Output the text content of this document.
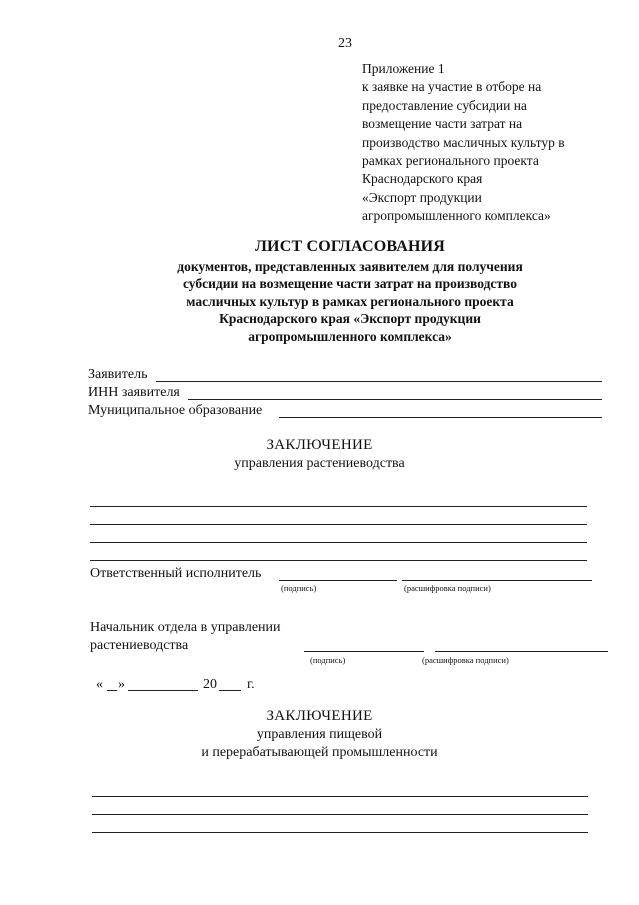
23
Приложение 1
к заявке на участие в отборе на
предоставление субсидии на
возмещение части затрат на
производство масличных культур в
рамках регионального проекта
Краснодарского края
«Экспорт продукции
агропромышленного комплекса»
ЛИСТ СОГЛАСОВАНИЯ
документов, представленных заявителем для получения
субсидии на возмещение части затрат на производство
масличных культур в рамках регионального проекта
Краснодарского края «Экспорт продукции
агропромышленного комплекса»
Заявитель
ИНН заявителя
Муниципальное образование
ЗАКЛЮЧЕНИЕ
управления растениеводства
Ответственный исполнитель
(подпись)	(расшифровка подписи)
Начальник отдела в управлении
растениеводства
(подпись)	(расшифровка подписи)
« »	20 г.
ЗАКЛЮЧЕНИЕ
управления пищевой
и перерабатывающей промышленности
